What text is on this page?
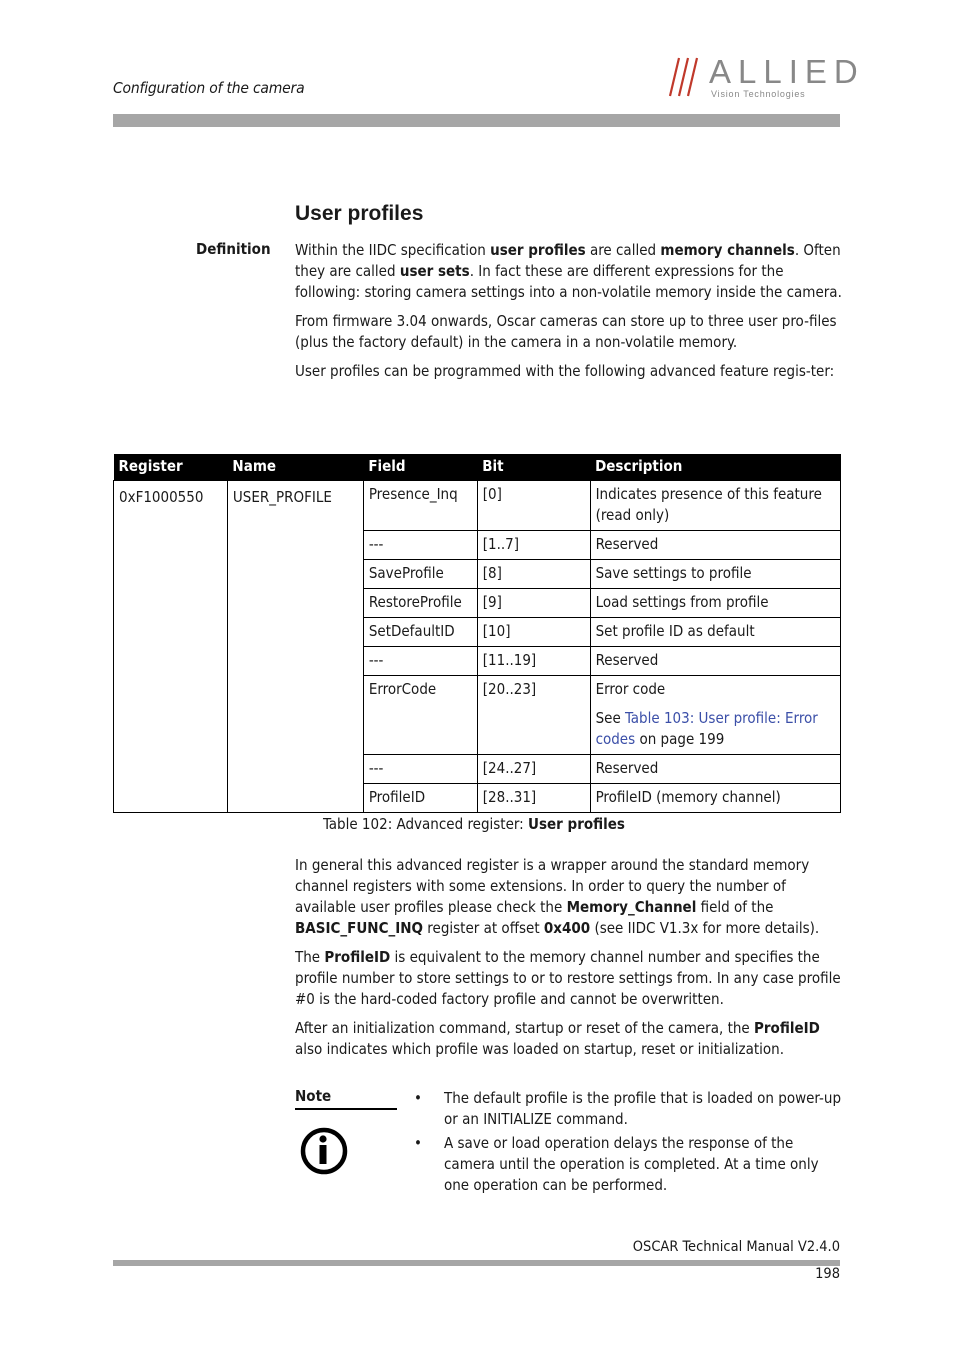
Configuration of the camera	ALLIED
Vision Technologies
User profiles
Definition Within the IIDC specification user profiles are called memory channels. Often they are called user sets. In fact these are different expressions for the following: storing camera settings into a non-volatile memory inside the camera.

From firmware 3.04 onwards, Oscar cameras can store up to three user pro-files (plus the factory default) in the camera in a non-volatile memory.

User profiles can be programmed with the following advanced feature regis-ter:

Register	Name	Field	Bit	Description
0xF1000550	USER_PROFILE	Presence_Inq	[0]	Indicates presence of this feature (read only)
		---	[1..7]	Reserved
		SaveProfile	[8]	Save settings to profile
		RestoreProfile	[9]	Load settings from profile
		SetDefaultID	[10]	Set profile ID as default
		---	[11..19]	Reserved
		ErrorCode	[20..23]	Error code
See Table 103: User profile: Error codes on page 199

		---	[24..27]	Reserved
		ProfileID	[28..31]	ProfileID (memory channel)
Table 102: Advanced register: User profiles

In general this advanced register is a wrapper around the standard memory channel registers with some extensions. In order to query the number of available user profiles please check the Memory_Channel field of the BASIC_FUNC_INQ register at offset 0x400 (see IIDC V1.3x for more details).

The ProfileID is equivalent to the memory channel number and specifies the profile number to store settings to or to restore settings from. In any case profile #0 is the hard-coded factory profile and cannot be overwritten.

After an initialization command, startup or reset of the camera, the ProfileID also indicates which profile was loaded on startup, reset or initialization.

Note	•	The default profile is the profile that is loaded on power-up or an INITIALIZE command.
•	A save or load operation delays the response of the camera until the operation is completed. At a time only one operation can be performed.
OSCAR Technical Manual V2.4.0
198
